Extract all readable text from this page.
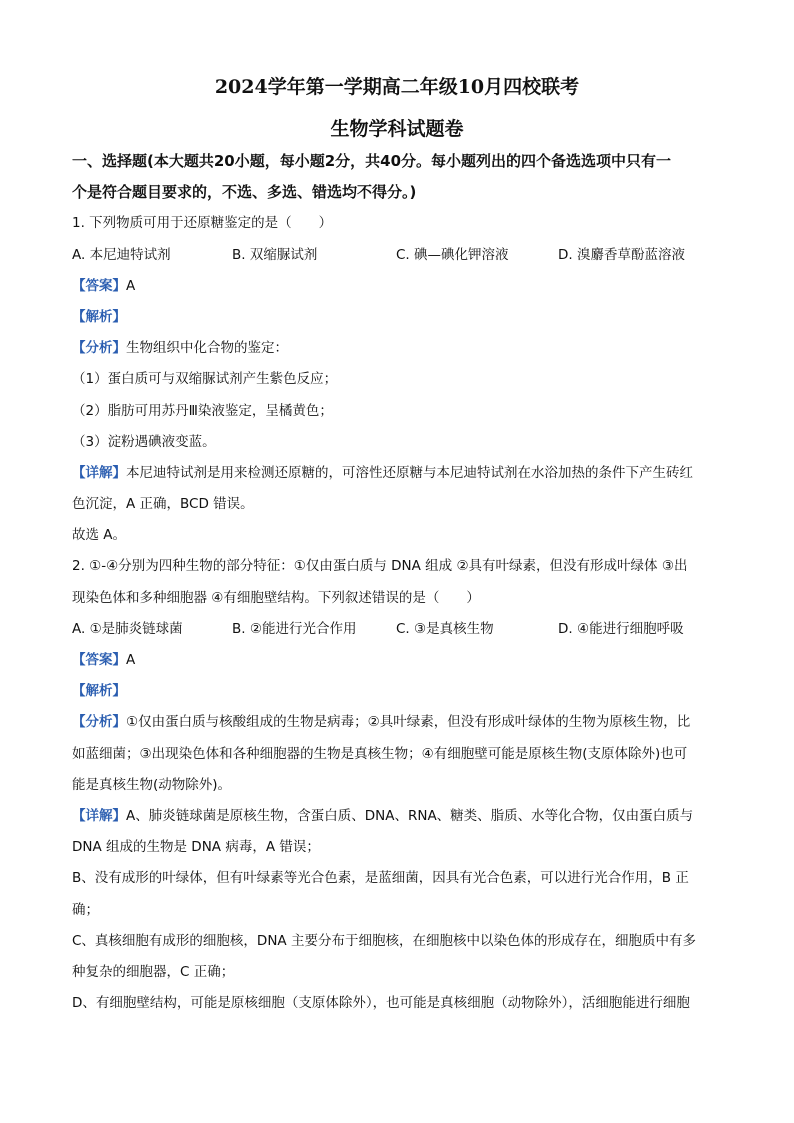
2024学年第一学期高二年级10月四校联考
生物学科试题卷
一、选择题(本大题共20小题，每小题2分，共40分。每小题列出的四个备选选项中只有一
个是符合题目要求的，不选、多选、错选均不得分。)
1. 下列物质可用于还原糖鉴定的是（　　）
A. 本尼迪特试剂	B. 双缩脲试剂	C. 碘—碘化钾溶液	D. 溴麝香草酚蓝溶液
【答案】A
【解析】
【分析】生物组织中化合物的鉴定：
（1）蛋白质可与双缩脲试剂产生紫色反应；
（2）脂肪可用苏丹Ⅲ染液鉴定，呈橘黄色；
（3）淀粉遇碘液变蓝。
【详解】本尼迪特试剂是用来检测还原糖的，可溶性还原糖与本尼迪特试剂在水浴加热的条件下产生砖红
色沉淀，A 正确，BCD 错误。
故选 A。
2. ①-④分别为四种生物的部分特征：①仅由蛋白质与 DNA 组成 ②具有叶绿素，但没有形成叶绿体 ③出
现染色体和多种细胞器 ④有细胞壁结构。下列叙述错误的是（　　）
A. ①是肺炎链球菌	B. ②能进行光合作用	C. ③是真核生物	D. ④能进行细胞呼吸
【答案】A
【解析】
【分析】①仅由蛋白质与核酸组成的生物是病毒；②具叶绿素，但没有形成叶绿体的生物为原核生物，比
如蓝细菌；③出现染色体和各种细胞器的生物是真核生物；④有细胞壁可能是原核生物(支原体除外)也可
能是真核生物(动物除外)。
【详解】A、肺炎链球菌是原核生物，含蛋白质、DNA、RNA、糖类、脂质、水等化合物，仅由蛋白质与
DNA 组成的生物是 DNA 病毒，A 错误；
B、没有成形的叶绿体，但有叶绿素等光合色素，是蓝细菌，因具有光合色素，可以进行光合作用，B 正
确；
C、真核细胞有成形的细胞核，DNA 主要分布于细胞核，在细胞核中以染色体的形成存在，细胞质中有多
种复杂的细胞器，C 正确；
D、有细胞壁结构，可能是原核细胞（支原体除外），也可能是真核细胞（动物除外），活细胞能进行细胞
